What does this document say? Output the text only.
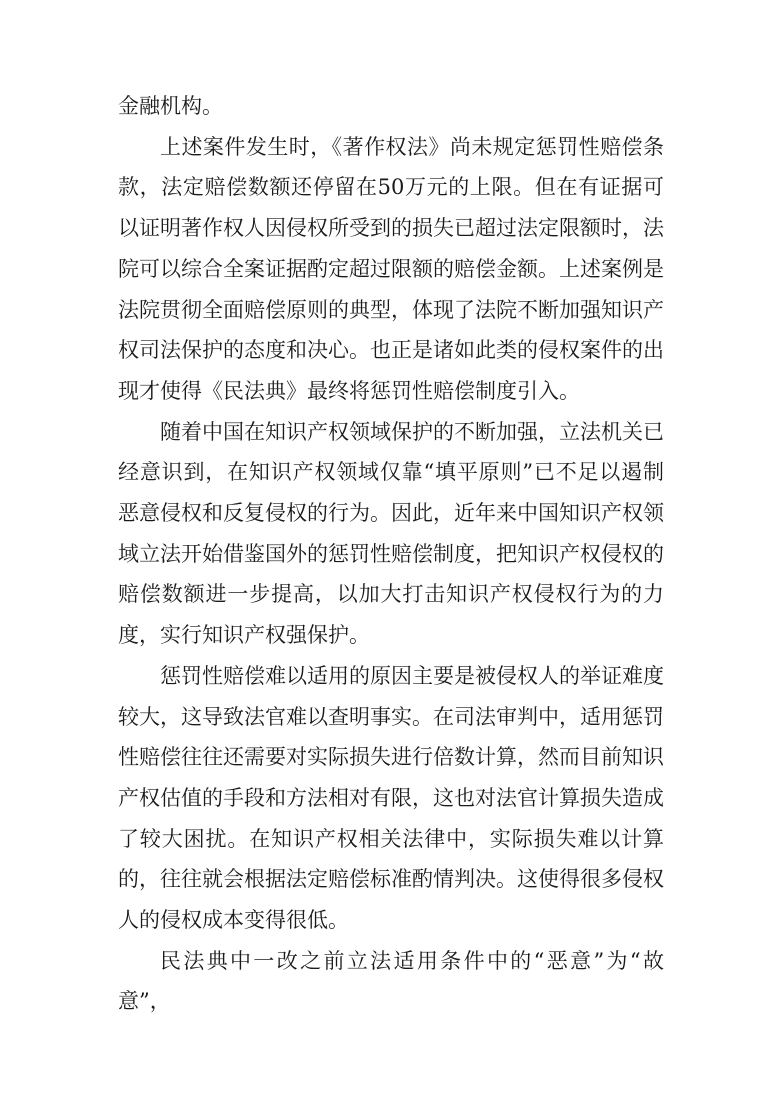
金融机构。

上述案件发生时，《著作权法》尚未规定惩罚性赔偿条款，法定赔偿数额还停留在50万元的上限。但在有证据可以证明著作权人因侵权所受到的损失已超过法定限额时，法院可以综合全案证据酌定超过限额的赔偿金额。上述案例是法院贯彻全面赔偿原则的典型，体现了法院不断加强知识产权司法保护的态度和决心。也正是诸如此类的侵权案件的出现才使得《民法典》最终将惩罚性赔偿制度引入。

随着中国在知识产权领域保护的不断加强，立法机关已经意识到，在知识产权领域仅靠“填平原则”已不足以遏制恶意侵权和反复侵权的行为。因此，近年来中国知识产权领域立法开始借鉴国外的惩罚性赔偿制度，把知识产权侵权的赔偿数额进一步提高，以加大打击知识产权侵权行为的力度，实行知识产权强保护。

惩罚性赔偿难以适用的原因主要是被侵权人的举证难度较大，这导致法官难以查明事实。在司法审判中，适用惩罚性赔偿往往还需要对实际损失进行倍数计算，然而目前知识产权估值的手段和方法相对有限，这也对法官计算损失造成了较大困扰。在知识产权相关法律中，实际损失难以计算的，往往就会根据法定赔偿标准酌情判决。这使得很多侵权人的侵权成本变得很低。

民法典中一改之前立法适用条件中的“恶意”为“故意”，
